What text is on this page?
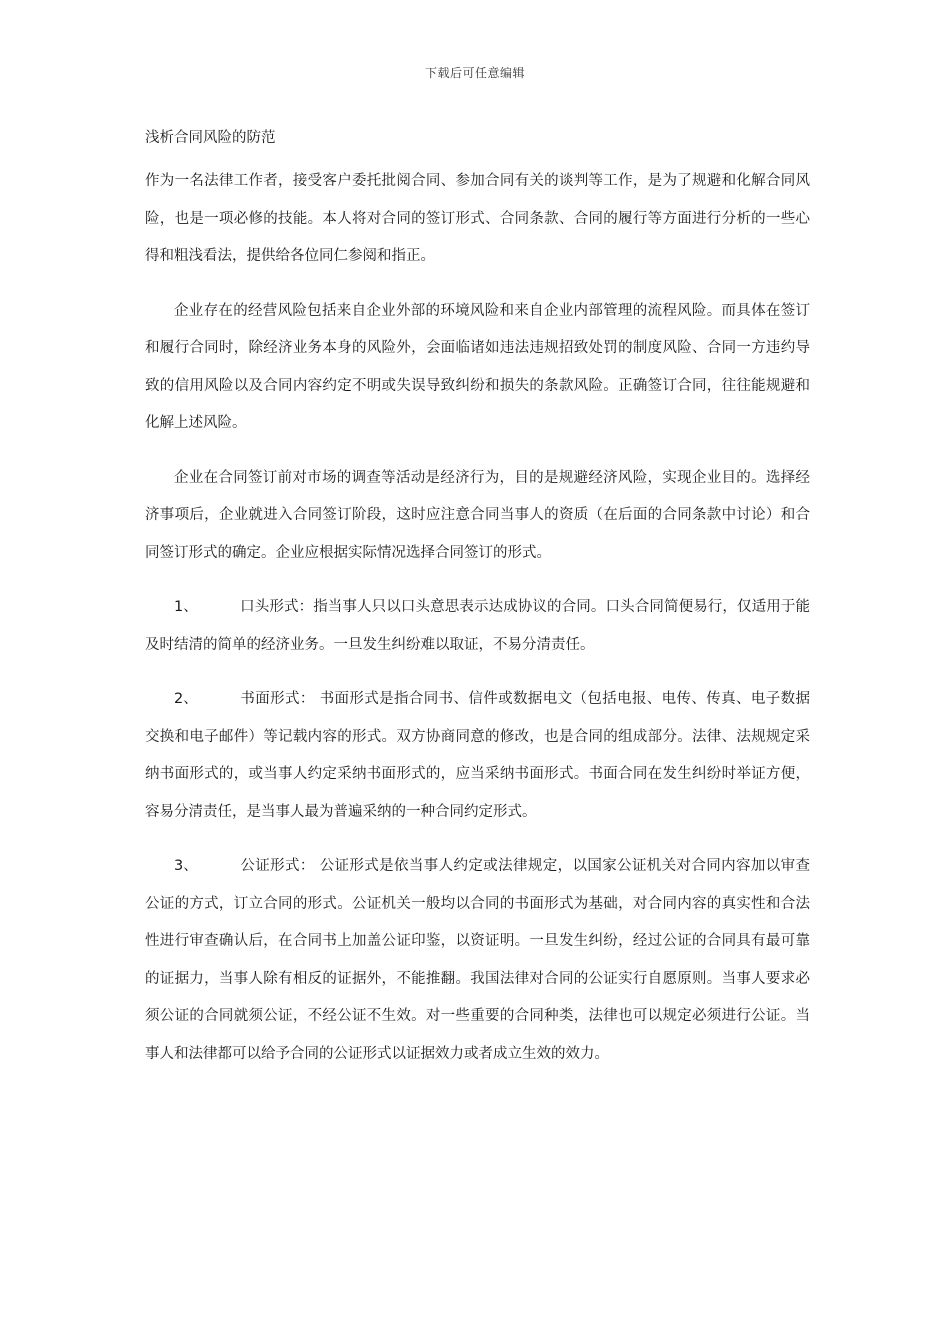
下载后可任意编辑
浅析合同风险的防范

作为一名法律工作者，接受客户委托批阅合同、参加合同有关的谈判等工作，是为了规避和化解合同风险，也是一项必修的技能。本人将对合同的签订形式、合同条款、合同的履行等方面进行分析的一些心得和粗浅看法，提供给各位同仁参阅和指正。

企业存在的经营风险包括来自企业外部的环境风险和来自企业内部管理的流程风险。而具体在签订和履行合同时，除经济业务本身的风险外，会面临诸如违法违规招致处罚的制度风险、合同一方违约导致的信用风险以及合同内容约定不明或失误导致纠纷和损失的条款风险。正确签订合同，往往能规避和化解上述风险。

企业在合同签订前对市场的调查等活动是经济行为，目的是规避经济风险，实现企业目的。选择经济事项后，企业就进入合同签订阶段，这时应注意合同当事人的资质（在后面的合同条款中讨论）和合同签订形式的确定。企业应根据实际情况选择合同签订的形式。

1、	口头形式：指当事人只以口头意思表示达成协议的合同。口头合同简便易行，仅适用于能及时结清的简单的经济业务。一旦发生纠纷难以取证，不易分清责任。

2、	书面形式： 书面形式是指合同书、信件或数据电文（包括电报、电传、传真、电子数据交换和电子邮件）等记载内容的形式。双方协商同意的修改，也是合同的组成部分。法律、法规规定采纳书面形式的，或当事人约定采纳书面形式的，应当采纳书面形式。书面合同在发生纠纷时举证方便，容易分清责任，是当事人最为普遍采纳的一种合同约定形式。

3、	公证形式： 公证形式是依当事人约定或法律规定，以国家公证机关对合同内容加以审查公证的方式，订立合同的形式。公证机关一般均以合同的书面形式为基础，对合同内容的真实性和合法性进行审查确认后，在合同书上加盖公证印鉴，以资证明。一旦发生纠纷，经过公证的合同具有最可靠的证据力，当事人除有相反的证据外，不能推翻。我国法律对合同的公证实行自愿原则。当事人要求必须公证的合同就须公证，不经公证不生效。对一些重要的合同种类，法律也可以规定必须进行公证。当事人和法律都可以给予合同的公证形式以证据效力或者成立生效的效力。
